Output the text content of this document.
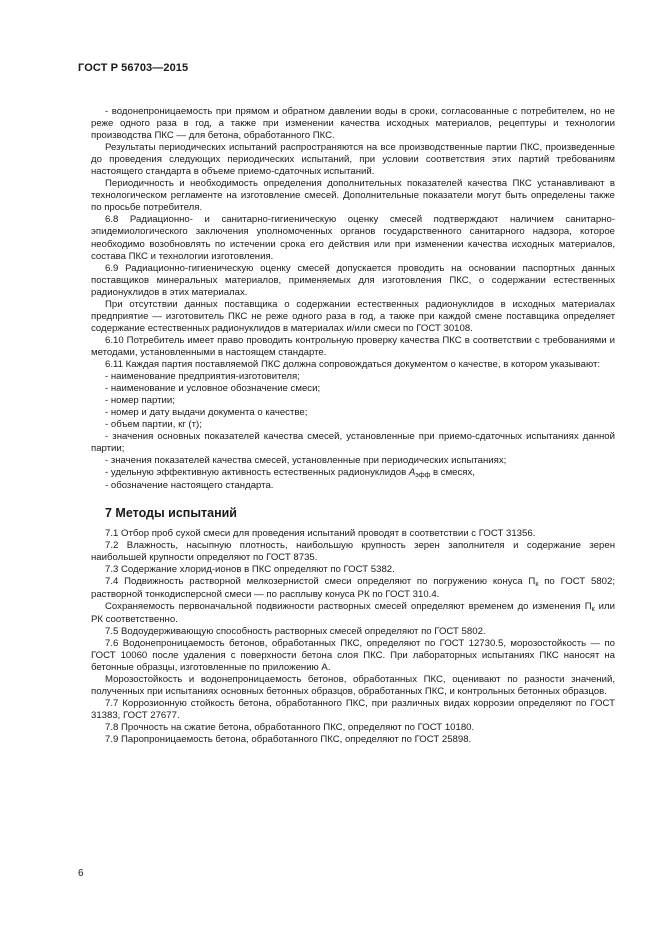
ГОСТ Р 56703—2015

- водонепроницаемость при прямом и обратном давлении воды в сроки, согласованные с потребителем, но не реже одного раза в год, а также при изменении качества исходных материалов, рецептуры и технологии производства ПКС — для бетона, обработанного ПКС.

Результаты периодических испытаний распространяются на все производственные партии ПКС, произведенные до проведения следующих периодических испытаний, при условии соответствия этих партий требованиям настоящего стандарта в объеме приемо-сдаточных испытаний.

Периодичность и необходимость определения дополнительных показателей качества ПКС устанавливают в технологическом регламенте на изготовление смесей. Дополнительные показатели могут быть определены также по просьбе потребителя.

6.8 Радиационно- и санитарно-гигиеническую оценку смесей подтверждают наличием санитарно-эпидемиологического заключения уполномоченных органов государственного санитарного надзора, которое необходимо возобновлять по истечении срока его действия или при изменении качества исходных материалов, состава ПКС и технологии изготовления.

6.9 Радиационно-гигиеническую оценку смесей допускается проводить на основании паспортных данных поставщиков минеральных материалов, применяемых для изготовления ПКС, о содержании естественных радионуклидов в этих материалах.

При отсутствии данных поставщика о содержании естественных радионуклидов в исходных материалах предприятие — изготовитель ПКС не реже одного раза в год, а также при каждой смене поставщика определяет содержание естественных радионуклидов в материалах и/или смеси по ГОСТ 30108.

6.10 Потребитель имеет право проводить контрольную проверку качества ПКС в соответствии с требованиями и методами, установленными в настоящем стандарте.

6.11 Каждая партия поставляемой ПКС должна сопровождаться документом о качестве, в котором указывают:

- наименование предприятия-изготовителя;

- наименование и условное обозначение смеси;

- номер партии;

- номер и дату выдачи документа о качестве;

- объем партии, кг (т);

- значения основных показателей качества смесей, установленные при приемо-сдаточных испытаниях данной партии;

- значения показателей качества смесей, установленные при периодических испытаниях;

- удельную эффективную активность естественных радионуклидов $A_{эфф}$ в смесях,

- обозначение настоящего стандарта.

7 Методы испытаний

7.1 Отбор проб сухой смеси для проведения испытаний проводят в соответствии с ГОСТ 31356.

7.2 Влажность, насыпную плотность, наибольшую крупность зерен заполнителя и содержание зерен наибольшей крупности определяют по ГОСТ 8735.

7.3 Содержание хлорид-ионов в ПКС определяют по ГОСТ 5382.

7.4 Подвижность растворной мелкозернистой смеси определяют по погружению конуса $П_к$ по ГОСТ 5802; растворной тонкодисперсной смеси — по расплыву конуса РК по ГОСТ 310.4.

Сохраняемость первоначальной подвижности растворных смесей определяют временем до изменения $П_к$ или РК соответственно.

7.5 Водоудерживающую способность растворных смесей определяют по ГОСТ 5802.

7.6 Водонепроницаемость бетонов, обработанных ПКС, определяют по ГОСТ 12730.5, морозостойкость — по ГОСТ 10060 после удаления с поверхности бетона слоя ПКС. При лабораторных испытаниях ПКС наносят на бетонные образцы, изготовленные по приложению А.

Морозостойкость и водонепроницаемость бетонов, обработанных ПКС, оценивают по разности значений, полученных при испытаниях основных бетонных образцов, обработанных ПКС, и контрольных бетонных образцов.

7.7 Коррозионную стойкость бетона, обработанного ПКС, при различных видах коррозии определяют по ГОСТ 31383, ГОСТ 27677.

7.8 Прочность на сжатие бетона, обработанного ПКС, определяют по ГОСТ 10180.

7.9 Паропроницаемость бетона, обработанного ПКС, определяют по ГОСТ 25898.

6
